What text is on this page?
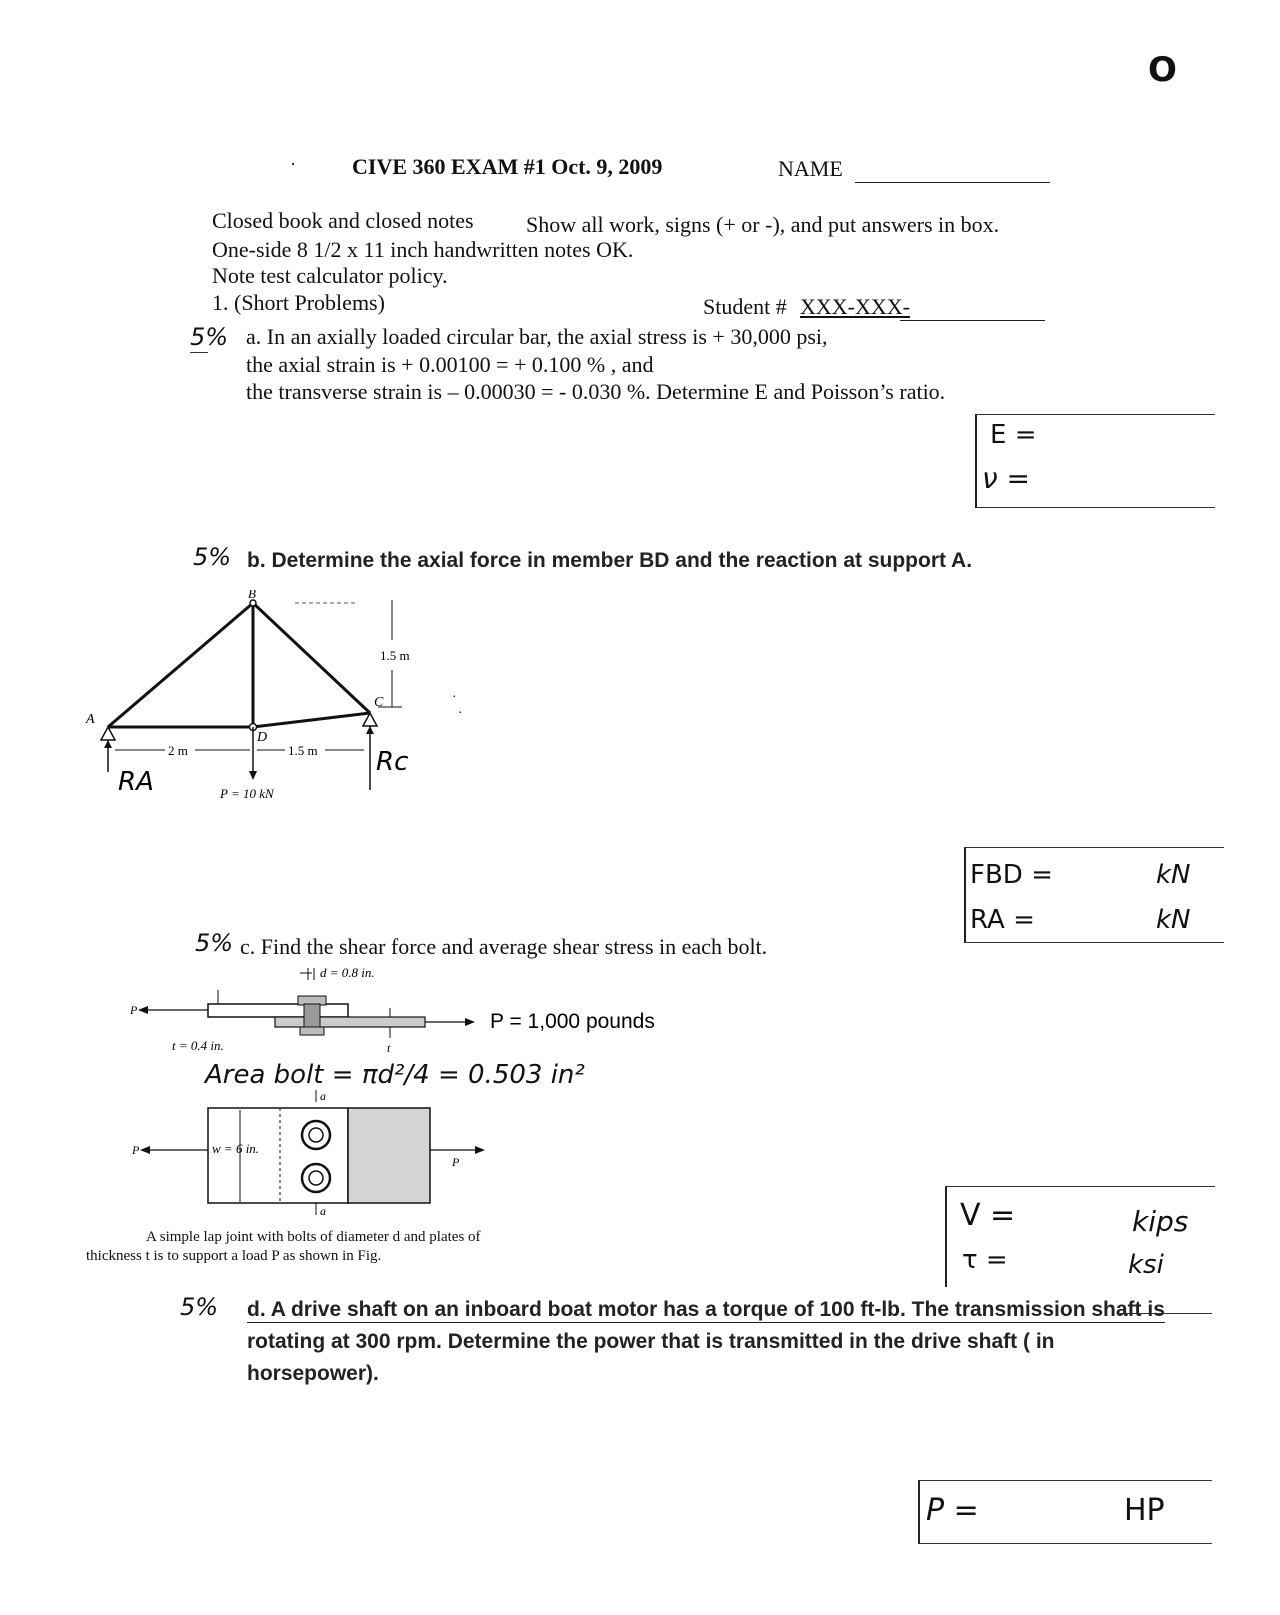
O
·	CIVE 360 EXAM #1 Oct. 9, 2009	NAME
Closed book and closed notes Show all work, signs (+ or -), and put answers in box.
One-side 8 1/2 x 11 inch handwritten notes OK.
Note test calculator policy.
1. (Short Problems)	Student # XXX-XXX-
5% a. In an axially loaded circular bar, the axial stress is + 30,000 psi,
the axial strain is + 0.00100 = + 0.100 % , and
the transverse strain is – 0.00030 = - 0.030 %. Determine E and Poisson’s ratio.
E =
ν =
5% b. Determine the axial force in member BD and the reaction at support A.
1.5 m
2 m	1.5 m
A
B
C
D
P = 10 kN
RA
Rc
·
·
FBD =	kN
RA =	kN
5% c. Find the shear force and average shear stress in each bolt.
d = 0.8 in.
P
t = 0.4 in.	t
P = 1,000 pounds
Area bolt = πd²/4 = 0.503 in²
a
w = 6 in.
P
P
a
A simple lap joint with bolts of diameter d and plates of
thickness t is to support a load P as shown in Fig.
V =	kips
τ =	ksi
5% d. A drive shaft on an inboard boat motor has a torque of 100 ft-lb. The transmission shaft is
rotating at 300 rpm. Determine the power that is transmitted in the drive shaft ( in
horsepower).
P =	HP
